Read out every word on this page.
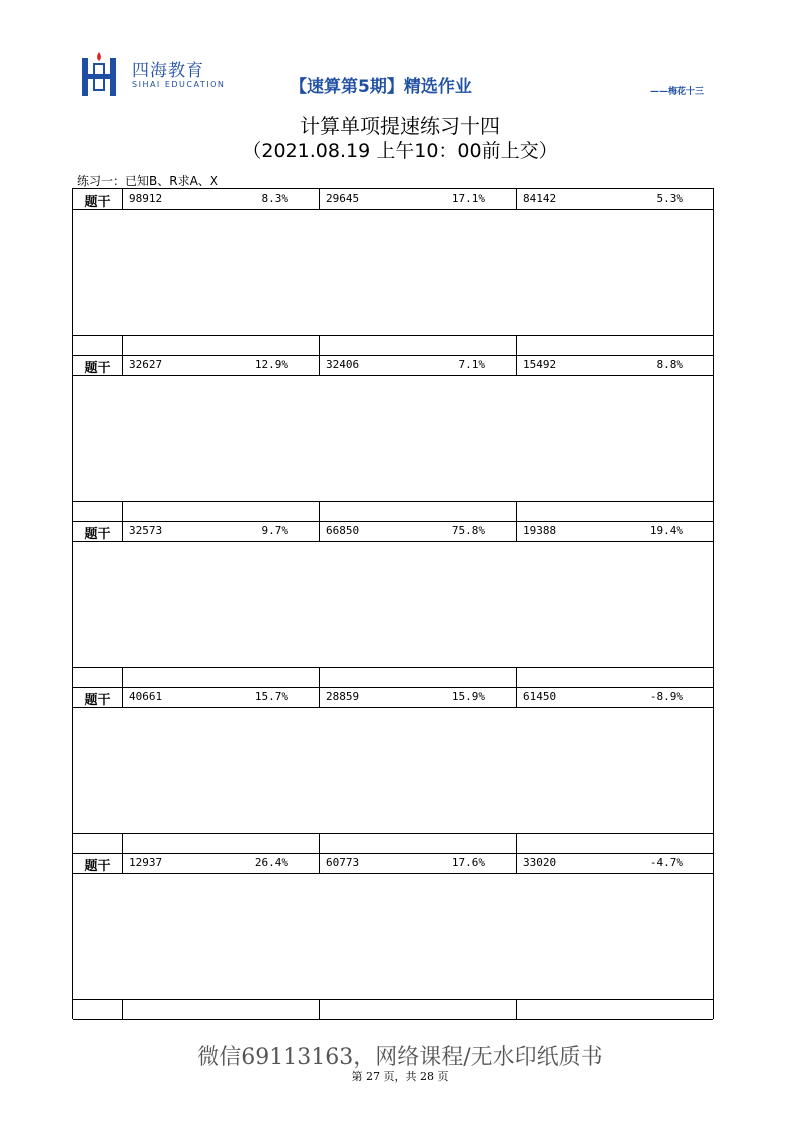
四海教育
SIHAI EDUCATION	【速算第5期】精选作业	——梅花十三
计算单项提速练习十四
（2021.08.19 上午10：00前上交）
练习一：已知B、R求A、X
题干	98912	8.3%	29645	17.1%	84142	5.3%
题干	32627	12.9%	32406	7.1%	15492	8.8%
题干	32573	9.7%	66850	75.8%	19388	19.4%
题干	40661	15.7%	28859	15.9%	61450	-8.9%
题干	12937	26.4%	60773	17.6%	33020	-4.7%
微信69113163，网络课程/无水印纸质书
第 27 页，共 28 页
